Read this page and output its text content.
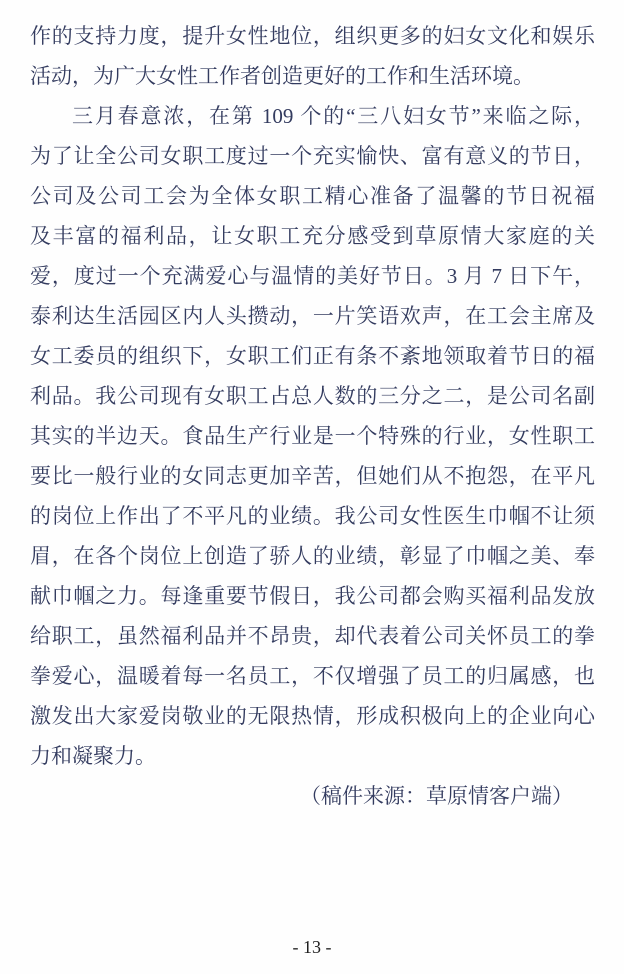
作的支持力度，提升女性地位，组织更多的妇女文化和娱乐
活动，为广大女性工作者创造更好的工作和生活环境。
三月春意浓，在第 109 个的“三八妇女节”来临之际，
为了让全公司女职工度过一个充实愉快、富有意义的节日，
公司及公司工会为全体女职工精心准备了温馨的节日祝福
及丰富的福利品，让女职工充分感受到草原情大家庭的关
爱，度过一个充满爱心与温情的美好节日。3 月 7 日下午，
泰利达生活园区内人头攒动，一片笑语欢声，在工会主席及
女工委员的组织下，女职工们正有条不紊地领取着节日的福
利品。我公司现有女职工占总人数的三分之二，是公司名副
其实的半边天。食品生产行业是一个特殊的行业，女性职工
要比一般行业的女同志更加辛苦，但她们从不抱怨，在平凡
的岗位上作出了不平凡的业绩。我公司女性医生巾帼不让须
眉，在各个岗位上创造了骄人的业绩，彰显了巾帼之美、奉
献巾帼之力。每逢重要节假日，我公司都会购买福利品发放
给职工，虽然福利品并不昂贵，却代表着公司关怀员工的拳
拳爱心，温暖着每一名员工，不仅增强了员工的归属感，也
激发出大家爱岗敬业的无限热情，形成积极向上的企业向心
力和凝聚力。
（稿件来源：草原情客户端）
- 13 -
